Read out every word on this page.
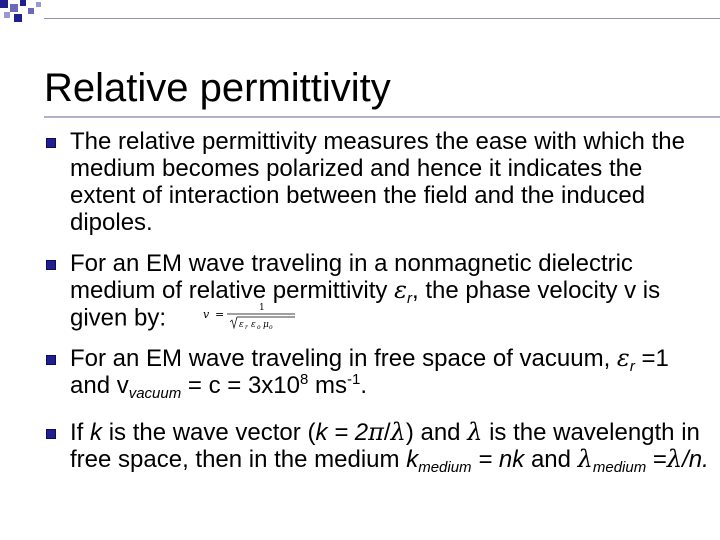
Relative permittivity
The relative permittivity measures the ease with which the medium becomes polarized and hence it indicates the extent of interaction between the field and the induced dipoles.
For an EM wave traveling in a nonmagnetic dielectric medium of relative permittivity $\varepsilon_r$, the phase velocity v is given by:	v =	1
ε r ε o μ o
For an EM wave traveling in free space of vacuum, $\varepsilon_r =1$ and $v_{vacuum} = c = 3x10^8$ $ms^{-1}$.
If k is the wave vector (k = 2π/λ) and λ is the wavelength in free space, then in the medium $k_{medium}$ = nk and $\lambda_{medium} =\lambda/n$.
